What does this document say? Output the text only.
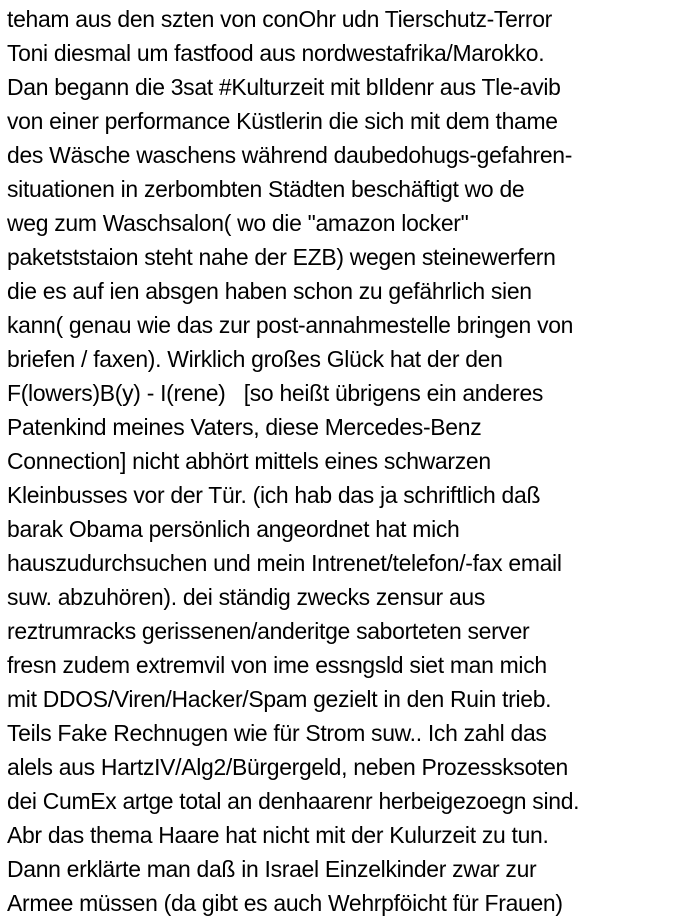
teham aus den szten von conOhr udn Tierschutz-Terror
Toni diesmal um fastfood aus nordwestafrika/Marokko.
Dan begann die 3sat #Kulturzeit mit bIldenr aus Tle-avib
von einer performance Küstlerin die sich mit dem thame
des Wäsche waschens während daubedohugs-gefahren-
situationen in zerbombten Städten beschäftigt wo de
weg zum Waschsalon( wo die "amazon locker"
paketststaion steht nahe der EZB) wegen steinewerfern
die es auf ien absgen haben schon zu gefährlich sien
kann( genau wie das zur post-annahmestelle bringen von
briefen / faxen). Wirklich großes Glück hat der den
F(lowers)B(y) - I(rene)   [so heißt übrigens ein anderes
Patenkind meines Vaters, diese Mercedes-Benz
Connection] nicht abhört mittels eines schwarzen
Kleinbusses vor der Tür. (ich hab das ja schriftlich daß
barak Obama persönlich angeordnet hat mich
hauszudurchsuchen und mein Intrenet/telefon/-fax email
suw. abzuhören). dei ständig zwecks zensur aus
reztrumracks gerissenen/anderitge saborteten server
fresn zudem extremvil von ime essngsld siet man mich
mit DDOS/Viren/Hacker/Spam gezielt in den Ruin trieb.
Teils Fake Rechnugen wie für Strom suw.. Ich zahl das
alels aus HartzIV/Alg2/Bürgergeld, neben Prozessksoten
dei CumEx artge total an denhaarenr herbeigezoegn sind.
Abr das thema Haare hat nicht mit der Kulurzeit zu tun.
Dann erklärte man daß in Israel Einzelkinder zwar zur
Armee müssen (da gibt es auch Wehrpföicht für Frauen)
